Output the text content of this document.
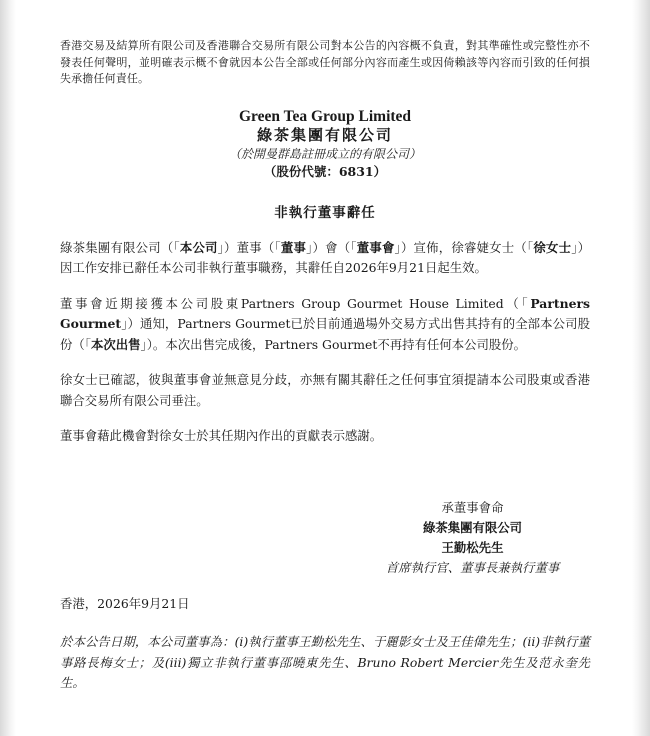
香港交易及結算所有限公司及香港聯合交易所有限公司對本公告的內容概不負責，對其準確性或完整性亦不發表任何聲明，並明確表示概不會就因本公告全部或任何部分內容而產生或因倚賴該等內容而引致的任何損失承擔任何責任。

Green Tea Group Limited
綠茶集團有限公司
（於開曼群島註冊成立的有限公司）
（股份代號：6831）
非執行董事辭任

綠茶集團有限公司（「本公司」）董事（「董事」）會（「董事會」）宣佈，徐睿婕女士（「徐女士」）因工作安排已辭任本公司非執行董事職務，其辭任自2026年9月21日起生效。

董事會近期接獲本公司股東Partners Group Gourmet House Limited（「Partners Gourmet」）通知，Partners Gourmet已於目前通過場外交易方式出售其持有的全部本公司股份（「本次出售」）。本次出售完成後，Partners Gourmet不再持有任何本公司股份。

徐女士已確認，彼與董事會並無意見分歧，亦無有關其辭任之任何事宜須提請本公司股東或香港聯合交易所有限公司垂注。

董事會藉此機會對徐女士於其任期內作出的貢獻表示感謝。

承董事會命
綠茶集團有限公司
王勤松先生
首席執行官、董事長兼執行董事
香港，2026年9月21日

於本公告日期，本公司董事為：(i)執行董事王勤松先生、于麗影女士及王佳偉先生；(ii)非執行董事路長梅女士；及(iii)獨立非執行董事邵曉東先生、Bruno Robert Mercier先生及范永奎先生。
